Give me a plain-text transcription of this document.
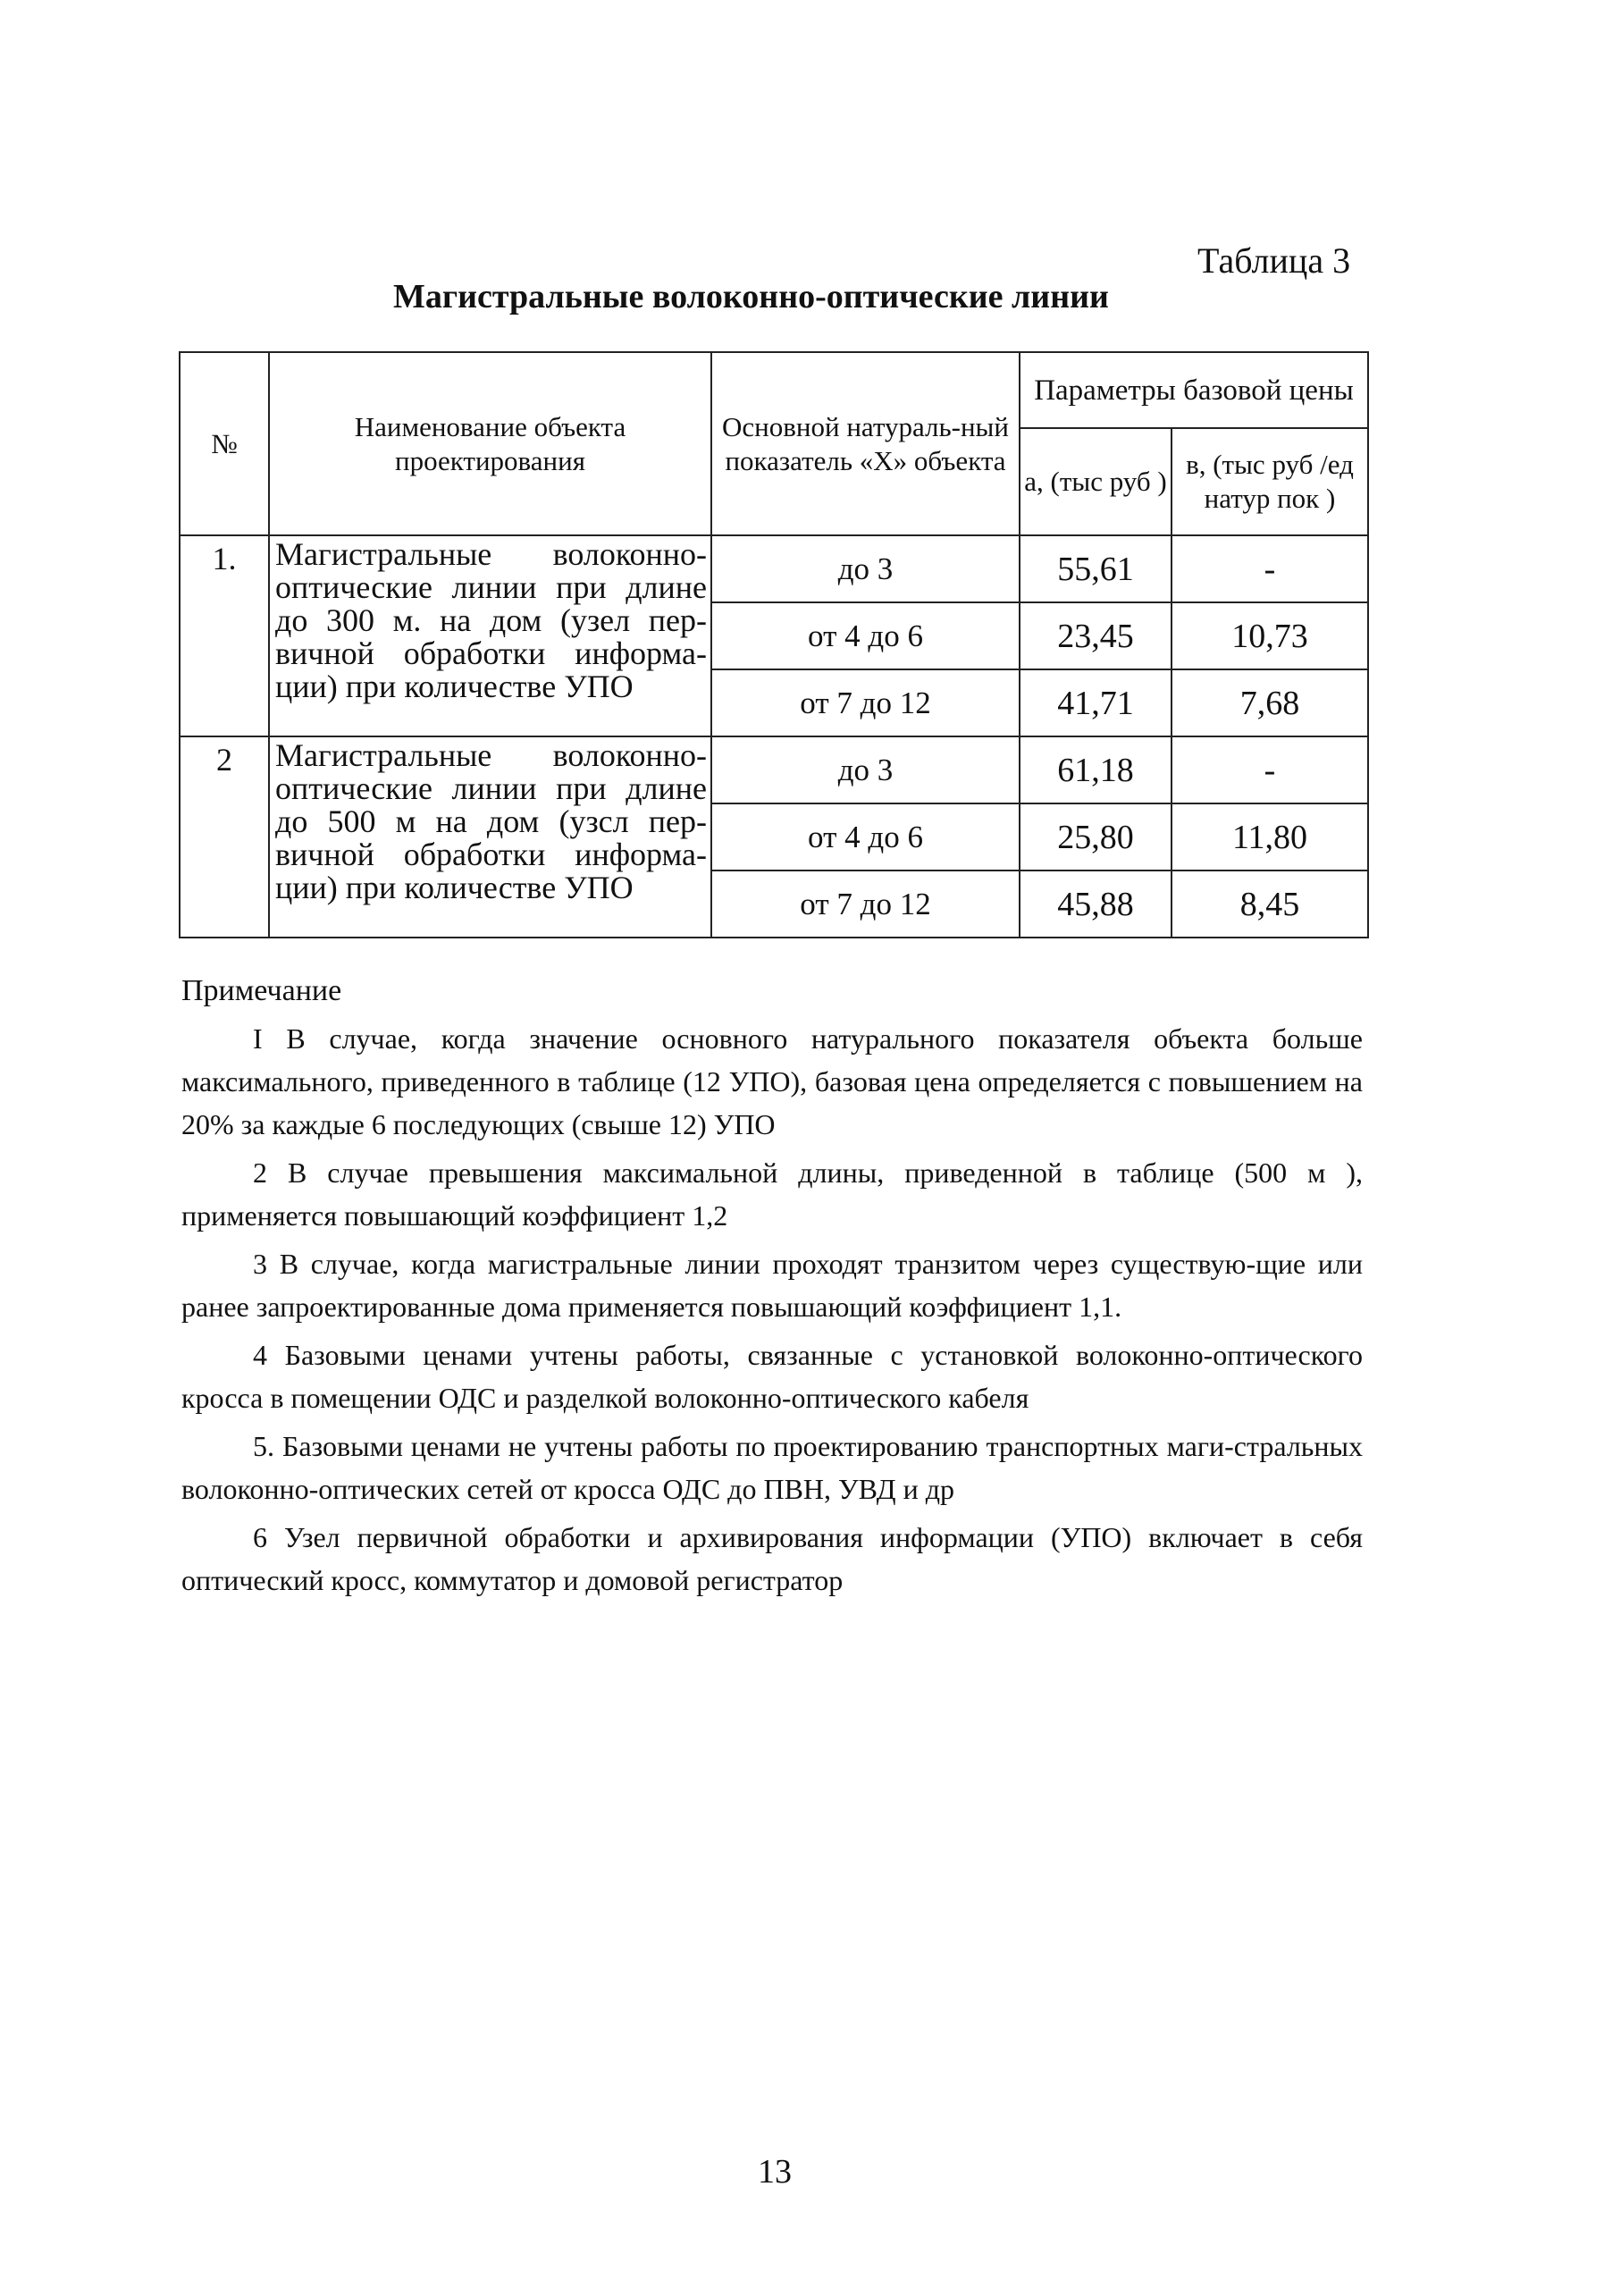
Таблица 3
Магистральные волоконно-оптические линии
№	Наименование объекта проектирования	Основной натураль-ный показатель «Х» объекта	Параметры базовой цены	
			а, (тыс руб )	в, (тыс руб /ед натур пок )
1.	Магистральные волоконно-оптические линии при длине до 300 м. на дом (узел пер-вичной обработки информа-ции) при количестве УПО	до 3	55,61	-
		от 4 до 6	23,45	10,73
		от 7 до 12	41,71	7,68
2	Магистральные волоконно-оптические линии при длине до 500 м на дом (узсл пер-вичной обработки информа-ции) при количестве УПО	до 3	61,18	-
		от 4 до 6	25,80	11,80
		от 7 до 12	45,88	8,45
Примечание

I В случае, когда значение основного натурального показателя объекта больше максимального, приведенного в таблице (12 УПО), базовая цена определяется с повышением на 20% за каждые 6 последующих (свыше 12) УПО

2 В случае превышения максимальной длины, приведенной в таблице (500 м ), применяется повышающий коэффициент 1,2

3 В случае, когда магистральные линии проходят транзитом через существую-щие или ранее запроектированные дома применяется повышающий коэффициент 1,1.

4 Базовыми ценами учтены работы, связанные с установкой волоконно-оптического кросса в помещении ОДС и разделкой волоконно-оптического кабеля

5. Базовыми ценами не учтены работы по проектированию транспортных маги-стральных волоконно-оптических сетей от кросса ОДС до ПВН, УВД и др

6 Узел первичной обработки и архивирования информации (УПО) включает в себя оптический кросс, коммутатор и домовой регистратор

13
